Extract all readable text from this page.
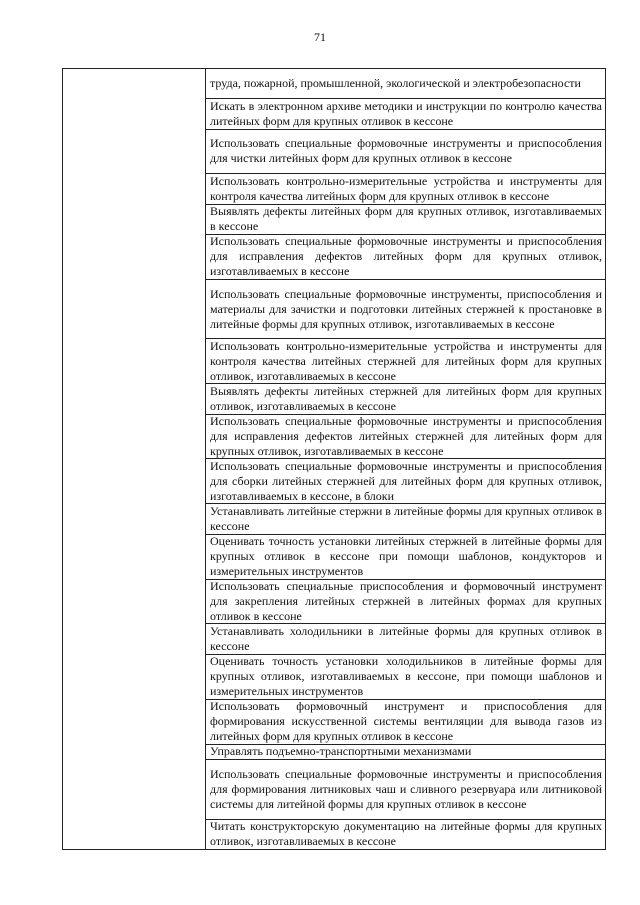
71
труда, пожарной, промышленной, экологической и электробезопасности
Искать в электронном архиве методики и инструкции по контролю качества литейных форм для крупных отливок в кессоне
Использовать специальные формовочные инструменты и приспособления для чистки литейных форм для крупных отливок в кессоне
Использовать контрольно-измерительные устройства и инструменты для контроля качества литейных форм для крупных отливок в кессоне
Выявлять дефекты литейных форм для крупных отливок, изготавливаемых в кессоне
Использовать специальные формовочные инструменты и приспособления для исправления дефектов литейных форм для крупных отливок, изготавливаемых в кессоне
Использовать специальные формовочные инструменты, приспособления и материалы для зачистки и подготовки литейных стержней к простановке в литейные формы для крупных отливок, изготавливаемых в кессоне
Использовать контрольно-измерительные устройства и инструменты для контроля качества литейных стержней для литейных форм для крупных отливок, изготавливаемых в кессоне
Выявлять дефекты литейных стержней для литейных форм для крупных отливок, изготавливаемых в кессоне
Использовать специальные формовочные инструменты и приспособления для исправления дефектов литейных стержней для литейных форм для крупных отливок, изготавливаемых в кессоне
Использовать специальные формовочные инструменты и приспособления для сборки литейных стержней для литейных форм для крупных отливок, изготавливаемых в кессоне, в блоки
Устанавливать литейные стержни в литейные формы для крупных отливок в кессоне
Оценивать точность установки литейных стержней в литейные формы для крупных отливок в кессоне при помощи шаблонов, кондукторов и измерительных инструментов
Использовать специальные приспособления и формовочный инструмент для закрепления литейных стержней в литейных формах для крупных отливок в кессоне
Устанавливать холодильники в литейные формы для крупных отливок в кессоне
Оценивать точность установки холодильников в литейные формы для крупных отливок, изготавливаемых в кессоне, при помощи шаблонов и измерительных инструментов
Использовать формовочный инструмент и приспособления для формирования искусственной системы вентиляции для вывода газов из литейных форм для крупных отливок в кессоне
Управлять подъемно-транспортными механизмами
Использовать специальные формовочные инструменты и приспособления для формирования литниковых чаш и сливного резервуара или литниковой системы для литейной формы для крупных отливок в кессоне
Читать конструкторскую документацию на литейные формы для крупных отливок, изготавливаемых в кессоне
